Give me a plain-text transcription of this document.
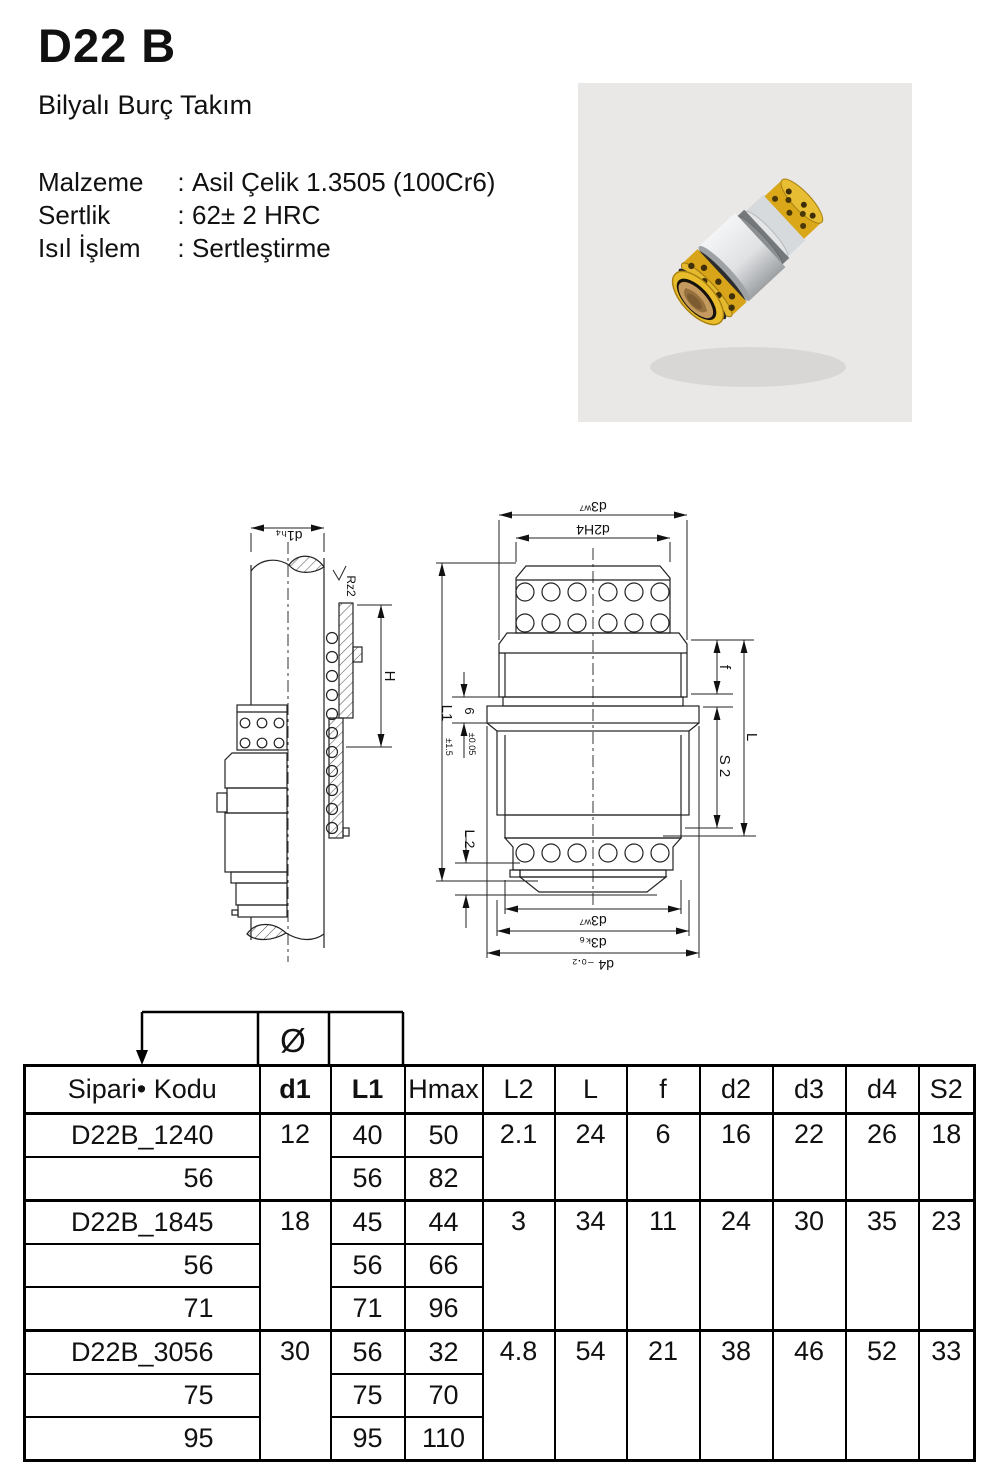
D22 B
Bilyalı Burç Takım
Malzeme	: Asil Çelik 1.3505 (100Cr6)
Sertlik	: 62± 2 HRC
Isıl İşlem	: Sertleştirme
d1ₕ₄
Rz2
H
d3ʷ⁷
d2H4
L1
±1.5
6
±0.05
L 2
f
S 2
L
d3ʷ⁷
d3ₖ₆
d4 ₋₀.₂
Ø
Sipari• Kodu	d1	L1	Hmax	L2	L	f	d2	d3	d4	S2
D22B_1240	12	40	50	2.1	24	6	16	22	26	18
56		56	82							
D22B_1845	18	45	44	3	34	11	24	30	35	23
56		56	66							
71		71	96							
D22B_3056	30	56	32	4.8	54	21	38	46	52	33
75		75	70							
95		95	110							
